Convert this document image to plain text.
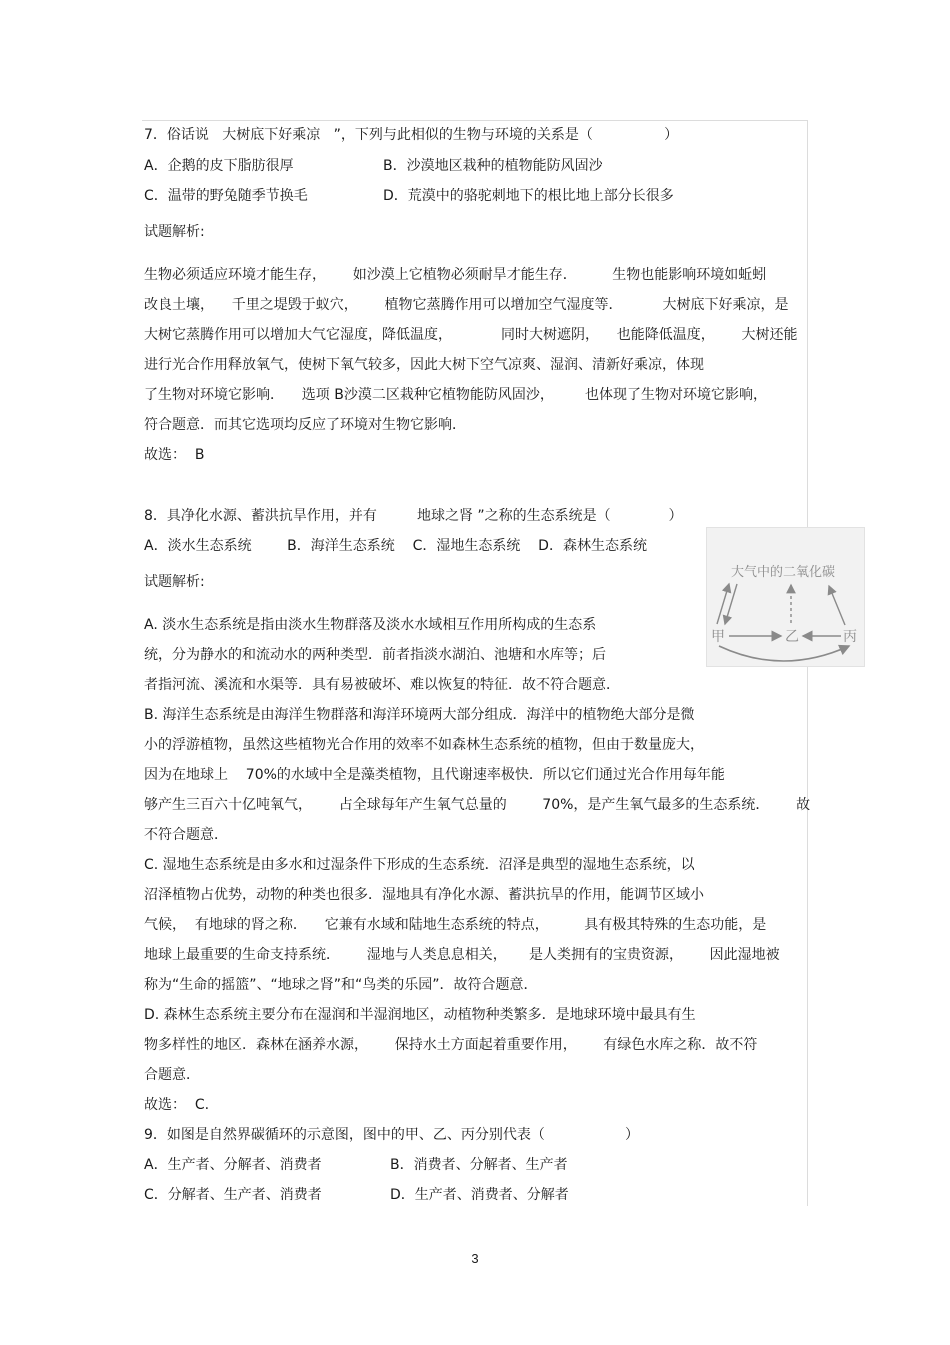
7．俗话说   大树底下好乘凉   ”，下列与此相似的生物与环境的关系是（                ）
A．企鹅的皮下脂肪很厚	B．沙漠地区栽种的植物能防风固沙
C．温带的野兔随季节换毛	D．荒漠中的骆驼刺地下的根比地上部分长很多
试题解析:
生物必须适应环境才能生存，      如沙漠上它植物必须耐旱才能生存．        生物也能影响环境如蚯蚓
改良土壤，    千里之堤毁于蚁穴，      植物它蒸腾作用可以增加空气湿度等．         大树底下好乘凉，是
大树它蒸腾作用可以增加大气它湿度，降低温度，           同时大树遮阴，    也能降低温度，      大树还能
进行光合作用释放氧气，使树下氧气较多，因此大树下空气凉爽、湿润、清新好乘凉，体现
了生物对环境它影响．    选项 B沙漠二区栽种它植物能防风固沙，       也体现了生物对环境它影响，
符合题意．而其它选项均反应了环境对生物它影响．
故选：  B
8．具净化水源、蓄洪抗旱作用，并有         地球之肾 ”之称的生态系统是（             ）
A．淡水生态系统        B．海洋生态系统    C．湿地生态系统    D．森林生态系统
试题解析:
A. 淡水生态系统是指由淡水生物群落及淡水水域相互作用所构成的生态系
统，分为静水的和流动水的两种类型．前者指淡水湖泊、池塘和水库等；后
者指河流、溪流和水渠等．具有易被破坏、难以恢复的特征．故不符合题意．
B. 海洋生态系统是由海洋生物群落和海洋环境两大部分组成．海洋中的植物绝大部分是微
小的浮游植物，虽然这些植物光合作用的效率不如森林生态系统的植物，但由于数量庞大，
因为在地球上    70%的水域中全是藻类植物，且代谢速率极快．所以它们通过光合作用每年能
够产生三百六十亿吨氧气，      占全球每年产生氧气总量的        70%，是产生氧气最多的生态系统．      故
不符合题意．
C. 湿地生态系统是由多水和过湿条件下形成的生态系统．沼泽是典型的湿地生态系统，以
沼泽植物占优势，动物的种类也很多．湿地具有净化水源、蓄洪抗旱的作用，能调节区域小
气候，  有地球的肾之称．    它兼有水域和陆地生态系统的特点，        具有极其特殊的生态功能，是
地球上最重要的生命支持系统．      湿地与人类息息相关，     是人类拥有的宝贵资源，      因此湿地被
称为“生命的摇篮”、“地球之肾”和“鸟类的乐园”．故符合题意．
D. 森林生态系统主要分布在湿润和半湿润地区，动植物种类繁多．是地球环境中最具有生
物多样性的地区．森林在涵养水源，      保持水土方面起着重要作用，      有绿色水库之称．故不符
合题意．
故选：  C.
9．如图是自然界碳循环的示意图，图中的甲、乙、丙分别代表（                  ）
A．生产者、分解者、消费者	B．消费者、分解者、生产者
C．分解者、生产者、消费者	D．生产者、消费者、分解者
大气中的二氧化碳
甲	乙	丙
3
